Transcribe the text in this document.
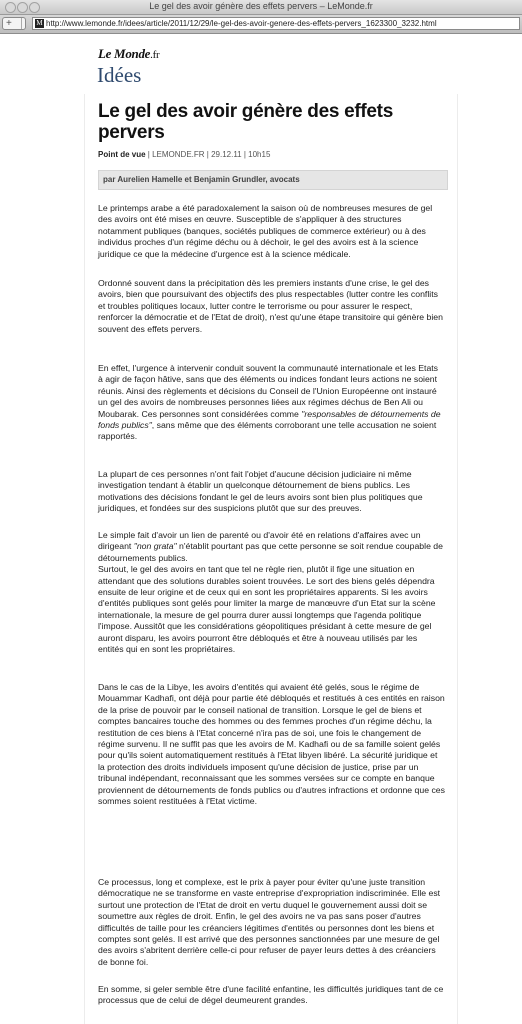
Le gel des avoir génère des effets pervers – LeMonde.fr
+	M http://www.lemonde.fr/idees/article/2011/12/29/le-gel-des-avoir-genere-des-effets-pervers_1623300_3232.html
Le Monde.fr
Idées
Le gel des avoir génère des effets pervers
Point de vue | LEMONDE.FR | 29.12.11 | 10h15
par Aurelien Hamelle et Benjamin Grundler, avocats

Le printemps arabe a été paradoxalement la saison où de nombreuses mesures de gel des avoirs ont été mises en œuvre. Susceptible de s'appliquer à des structures notamment publiques (banques, sociétés publiques de commerce extérieur) ou à des individus proches d'un régime déchu ou à déchoir, le gel des avoirs est à la science juridique ce que la médecine d'urgence est à la science médicale.

Ordonné souvent dans la précipitation dès les premiers instants d'une crise, le gel des avoirs, bien que poursuivant des objectifs des plus respectables (lutter contre les conflits et troubles politiques locaux, lutter contre le terrorisme ou pour assurer le respect, renforcer la démocratie et de l'Etat de droit), n'est qu'une étape transitoire qui génère bien souvent des effets pervers.

En effet, l'urgence à intervenir conduit souvent la communauté internationale et les Etats à agir de façon hâtive, sans que des éléments ou indices fondant leurs actions ne soient réunis. Ainsi des règlements et décisions du Conseil de l'Union Européenne ont instauré un gel des avoirs de nombreuses personnes liées aux régimes déchus de Ben Ali ou Moubarak. Ces personnes sont considérées comme "responsables de détournements de fonds publics", sans même que des éléments corroborant une telle accusation ne soient rapportés.

La plupart de ces personnes n'ont fait l'objet d'aucune décision judiciaire ni même investigation tendant à établir un quelconque détournement de biens publics. Les motivations des décisions fondant le gel de leurs avoirs sont bien plus politiques que juridiques, et fondées sur des suspicions plutôt que sur des preuves.

Le simple fait d'avoir un lien de parenté ou d'avoir été en relations d'affaires avec un dirigeant "non grata" n'établit pourtant pas que cette personne se soit rendue coupable de détournements publics.
Surtout, le gel des avoirs en tant que tel ne règle rien, plutôt il fige une situation en attendant que des solutions durables soient trouvées. Le sort des biens gelés dépendra ensuite de leur origine et de ceux qui en sont les propriétaires apparents. Si les avoirs d'entités publiques sont gelés pour limiter la marge de manœuvre d'un Etat sur la scène internationale, la mesure de gel pourra durer aussi longtemps que l'agenda politique l'impose. Aussitôt que les considérations géopolitiques présidant à cette mesure de gel auront disparu, les avoirs pourront être débloqués et être à nouveau utilisés par les entités qui en sont les propriétaires.

Dans le cas de la Libye, les avoirs d'entités qui avaient été gelés, sous le régime de Mouammar Kadhafi, ont déjà pour partie été débloqués et restitués à ces entités en raison de la prise de pouvoir par le conseil national de transition. Lorsque le gel de biens et comptes bancaires touche des hommes ou des femmes proches d'un régime déchu, la restitution de ces biens à l'Etat concerné n'ira pas de soi, une fois le changement de régime survenu. Il ne suffit pas que les avoirs de M. Kadhafi ou de sa famille soient gelés pour qu'ils soient automatiquement restitués à l'Etat libyen libéré. La sécurité juridique et la protection des droits individuels imposent qu'une décision de justice, prise par un tribunal indépendant, reconnaissant que les sommes versées sur ce compte en banque proviennent de détournements de fonds publics ou d'autres infractions et ordonne que ces sommes soient restituées à l'Etat victime.

Ce processus, long et complexe, est le prix à payer pour éviter qu'une juste transition démocratique ne se transforme en vaste entreprise d'expropriation indiscriminée. Elle est surtout une protection de l'Etat de droit en vertu duquel le gouvernement aussi doit se soumettre aux règles de droit. Enfin, le gel des avoirs ne va pas sans poser d'autres difficultés de taille pour les créanciers légitimes d'entités ou personnes dont les biens et comptes sont gelés. Il est arrivé que des personnes sanctionnées par une mesure de gel des avoirs s'abritent derrière celle-ci pour refuser de payer leurs dettes à des créanciers de bonne foi.

En somme, si geler semble être d'une facilité enfantine, les difficultés juridiques tant de ce processus que de celui de dégel deumeurent grandes.
